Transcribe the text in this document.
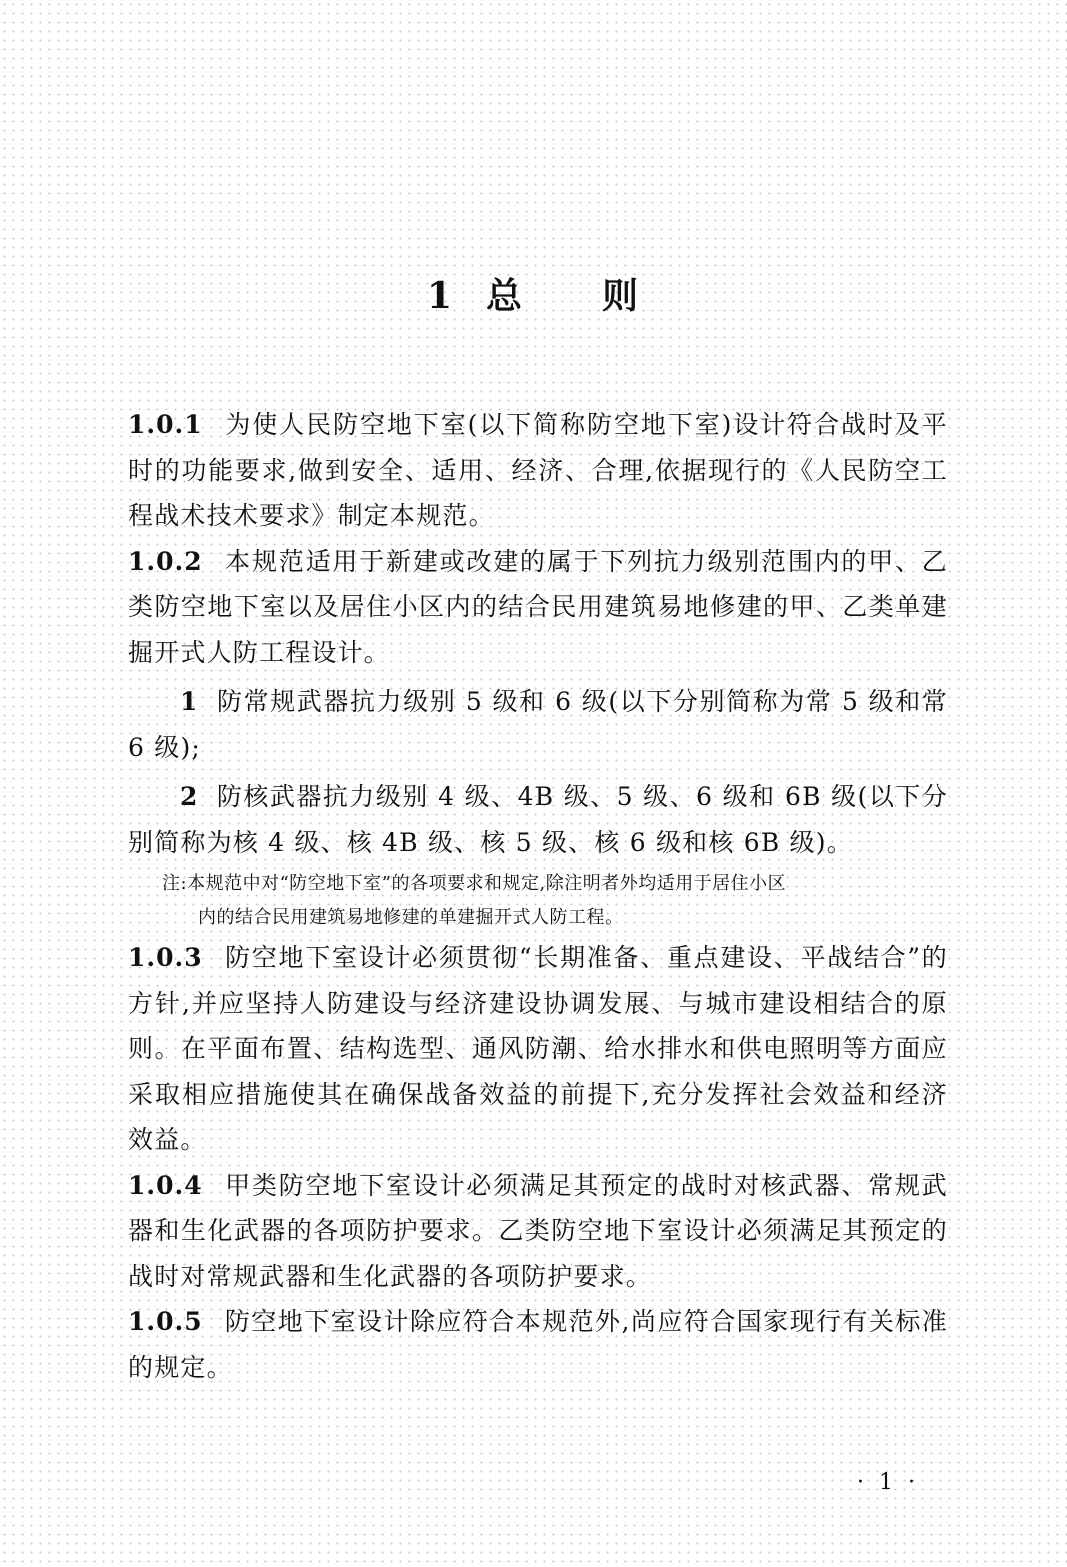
1 总 则

1.0.1 为使人民防空地下室(以下简称防空地下室)设计符合战时及平时的功能要求,做到安全、适用、经济、合理,依据现行的《人民防空工程战术技术要求》制定本规范。

1.0.2 本规范适用于新建或改建的属于下列抗力级别范围内的甲、乙类防空地下室以及居住小区内的结合民用建筑易地修建的甲、乙类单建掘开式人防工程设计。

1 防常规武器抗力级别 5 级和 6 级(以下分别简称为常 5 级和常 6 级);

2 防核武器抗力级别 4 级、4B 级、5 级、6 级和 6B 级(以下分别简称为核 4 级、核 4B 级、核 5 级、核 6 级和核 6B 级)。

注:本规范中对“防空地下室”的各项要求和规定,除注明者外均适用于居住小区
内的结合民用建筑易地修建的单建掘开式人防工程。

1.0.3 防空地下室设计必须贯彻“长期准备、重点建设、平战结合”的方针,并应坚持人防建设与经济建设协调发展、与城市建设相结合的原则。在平面布置、结构选型、通风防潮、给水排水和供电照明等方面应采取相应措施使其在确保战备效益的前提下,充分发挥社会效益和经济效益。

1.0.4 甲类防空地下室设计必须满足其预定的战时对核武器、常规武器和生化武器的各项防护要求。乙类防空地下室设计必须满足其预定的战时对常规武器和生化武器的各项防护要求。

1.0.5 防空地下室设计除应符合本规范外,尚应符合国家现行有关标准的规定。

· 1 ·
